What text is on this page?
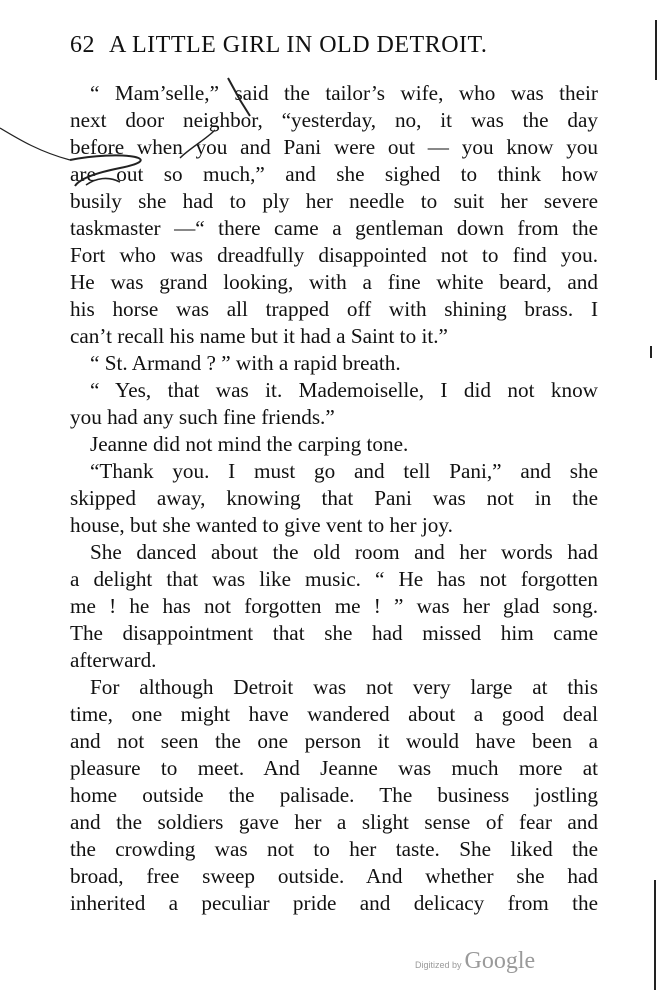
62 A LITTLE GIRL IN OLD DETROIT.
“ Mam’selle,” said the tailor’s wife, who was their
next door neighbor, “yesterday, no, it was the day
before when you and Pani were out — you know you
are out so much,” and she sighed to think how
busily she had to ply her needle to suit her severe
taskmaster —“ there came a gentleman down from the
Fort who was dreadfully disappointed not to find you.
He was grand looking, with a fine white beard, and
his horse was all trapped off with shining brass. I
can’t recall his name but it had a Saint to it.”
“ St. Armand ? ” with a rapid breath.
“ Yes, that was it. Mademoiselle, I did not know
you had any such fine friends.”
Jeanne did not mind the carping tone.
“Thank you. I must go and tell Pani,” and she
skipped away, knowing that Pani was not in the
house, but she wanted to give vent to her joy.
She danced about the old room and her words had
a delight that was like music. “ He has not forgotten
me ! he has not forgotten me ! ” was her glad song.
The disappointment that she had missed him came
afterward.
For although Detroit was not very large at this
time, one might have wandered about a good deal
and not seen the one person it would have been a
pleasure to meet. And Jeanne was much more at
home outside the palisade. The business jostling
and the soldiers gave her a slight sense of fear and
the crowding was not to her taste. She liked the
broad, free sweep outside. And whether she had
inherited a peculiar pride and delicacy from the
Digitized by Google
